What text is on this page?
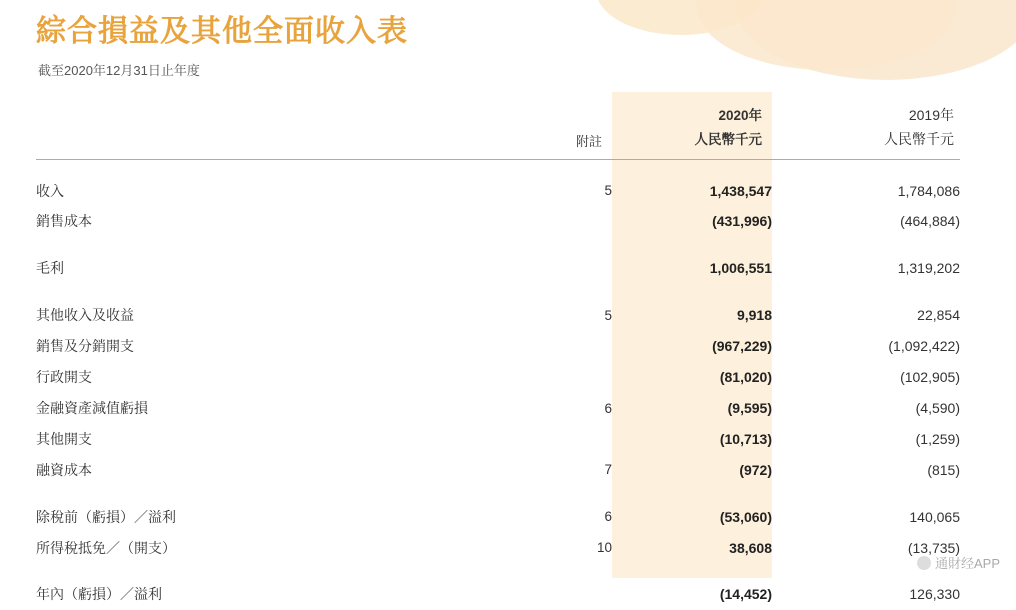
綜合損益及其他全面收入表
截至2020年12月31日止年度
		2020年	2019年
	附註	人民幣千元	人民幣千元

收入	5	1,438,547	1,784,086
銷售成本		(431,996)	(464,884)

毛利		1,006,551	1,319,202

其他收入及收益	5	9,918	22,854
銷售及分銷開支		(967,229)	(1,092,422)
行政開支		(81,020)	(102,905)
金融資產減值虧損	6	(9,595)	(4,590)
其他開支		(10,713)	(1,259)
融資成本	7	(972)	(815)

除稅前（虧損）／溢利	6	(53,060)	140,065
所得稅抵免／（開支）	10	38,608	(13,735)

年內（虧損）／溢利		(14,452)	126,330
通財经APP
